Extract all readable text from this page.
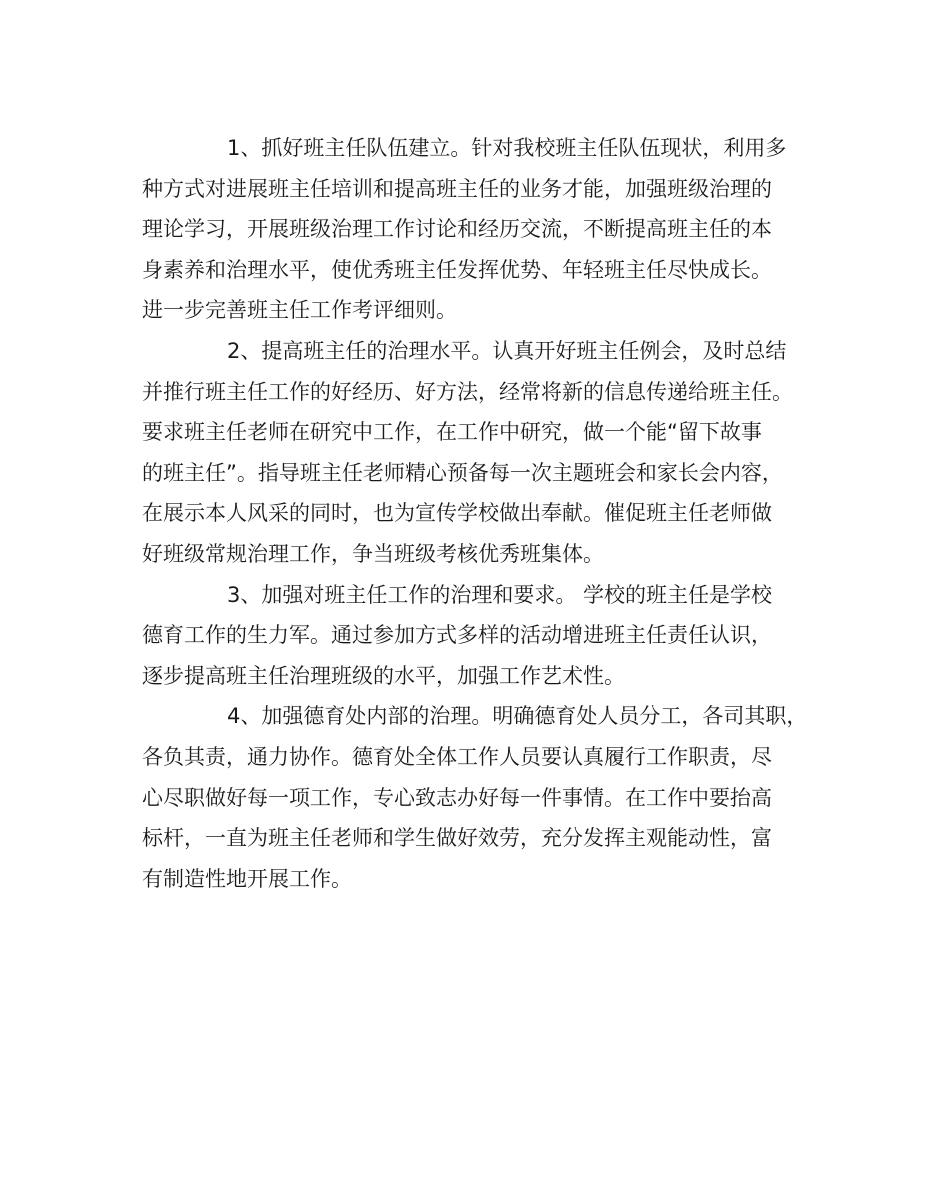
1、抓好班主任队伍建立。针对我校班主任队伍现状，利用多
种方式对进展班主任培训和提高班主任的业务才能，加强班级治理的
理论学习，开展班级治理工作讨论和经历交流，不断提高班主任的本
身素养和治理水平，使优秀班主任发挥优势、年轻班主任尽快成长。
进一步完善班主任工作考评细则。
2、提高班主任的治理水平。认真开好班主任例会，及时总结
并推行班主任工作的好经历、好方法，经常将新的信息传递给班主任。
要求班主任老师在研究中工作，在工作中研究，做一个能“留下故事
的班主任”。指导班主任老师精心预备每一次主题班会和家长会内容，
在展示本人风采的同时，也为宣传学校做出奉献。催促班主任老师做
好班级常规治理工作，争当班级考核优秀班集体。
3、加强对班主任工作的治理和要求。 学校的班主任是学校
德育工作的生力军。通过参加方式多样的活动增进班主任责任认识，
逐步提高班主任治理班级的水平，加强工作艺术性。
4、加强德育处内部的治理。明确德育处人员分工，各司其职，
各负其责，通力协作。德育处全体工作人员要认真履行工作职责，尽
心尽职做好每一项工作，专心致志办好每一件事情。在工作中要抬高
标杆，一直为班主任老师和学生做好效劳，充分发挥主观能动性，富
有制造性地开展工作。
